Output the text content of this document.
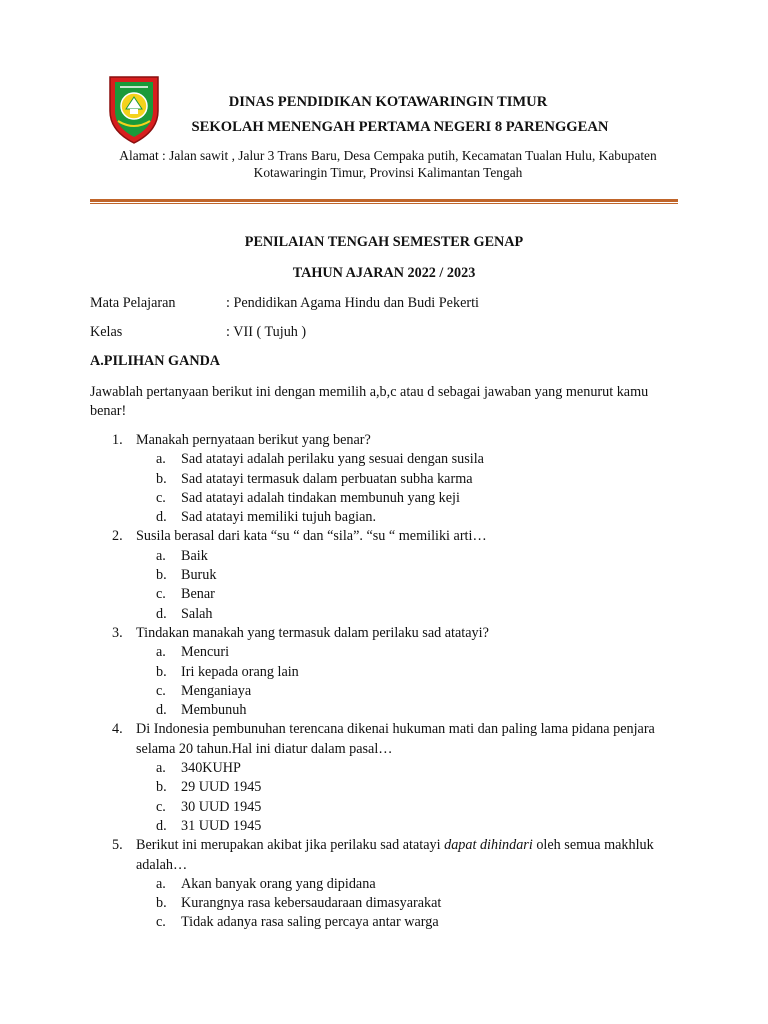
DINAS PENDIDIKAN KOTAWARINGIN TIMUR
SEKOLAH MENENGAH PERTAMA NEGERI 8 PARENGGEAN
Alamat : Jalan sawit , Jalur 3 Trans Baru, Desa Cempaka putih, Kecamatan Tualan Hulu, Kabupaten
Kotawaringin Timur, Provinsi Kalimantan Tengah
PENILAIAN TENGAH SEMESTER GENAP
TAHUN AJARAN 2022 / 2023
Mata Pelajaran	: Pendidikan Agama Hindu dan Budi Pekerti
Kelas	: VII ( Tujuh )
A.PILIHAN GANDA
Jawablah pertanyaan berikut ini dengan memilih a,b,c atau d sebagai jawaban yang menurut kamu benar!
1. Manakah pernyataan berikut yang benar?
a. Sad atatayi adalah perilaku yang sesuai dengan susila
b. Sad atatayi termasuk dalam perbuatan subha karma
c. Sad atatayi adalah tindakan membunuh yang keji
d. Sad atatayi memiliki tujuh bagian.
2. Susila berasal dari kata “su “ dan “sila”. “su “ memiliki arti…
a. Baik
b. Buruk
c. Benar
d. Salah
3. Tindakan manakah yang termasuk dalam perilaku sad atatayi?
a. Mencuri
b. Iri kepada orang lain
c. Menganiaya
d. Membunuh
4. Di Indonesia pembunuhan terencana dikenai hukuman mati dan paling lama pidana penjara selama 20 tahun.Hal ini diatur dalam pasal…
a. 340KUHP
b. 29 UUD 1945
c. 30 UUD 1945
d. 31 UUD 1945
5. Berikut ini merupakan akibat jika perilaku sad atatayi dapat dihindari oleh semua makhluk adalah…
a. Akan banyak orang yang dipidana
b. Kurangnya rasa kebersaudaraan dimasyarakat
c. Tidak adanya rasa saling percaya antar warga
